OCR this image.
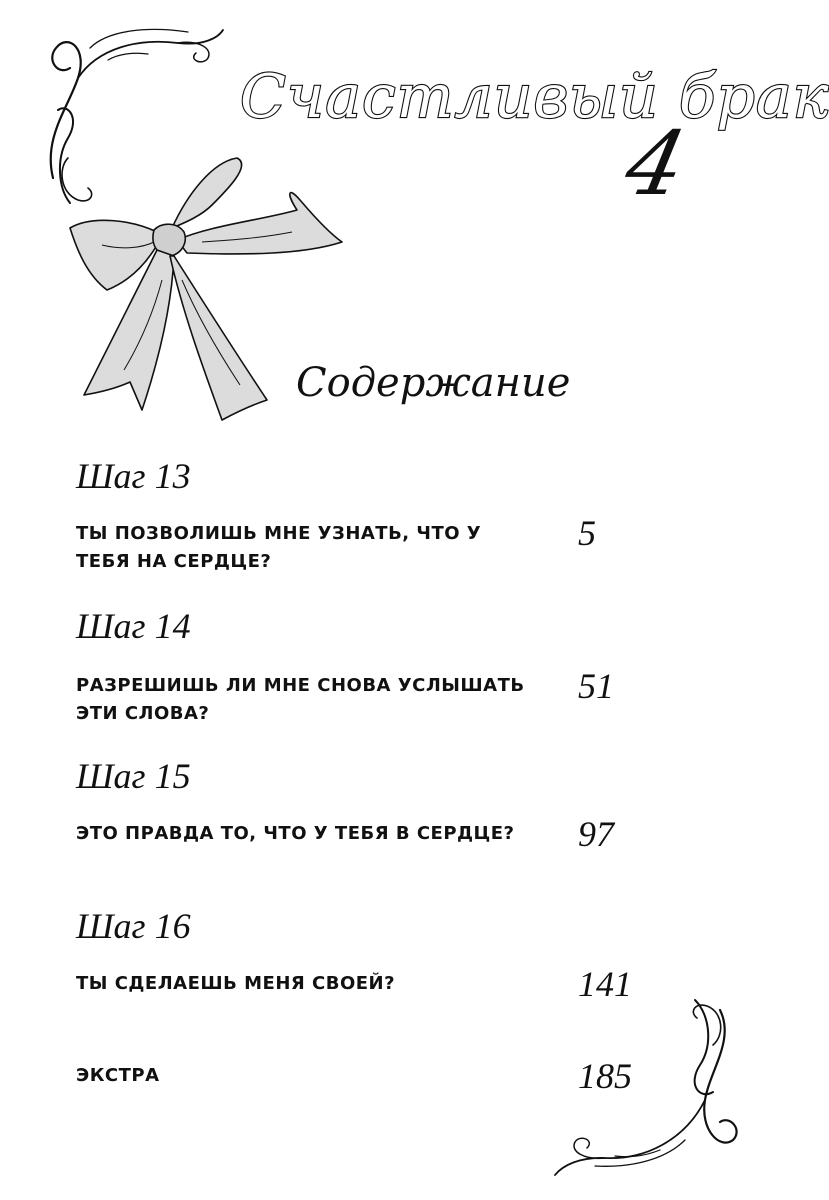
Счастливый брак
4
Содержание
Шаг 13
ТЫ ПОЗВОЛИШЬ МНЕ УЗНАТЬ, ЧТО У ТЕБЯ НА СЕРДЦЕ?
5
Шаг 14
РАЗРЕШИШЬ ЛИ МНЕ СНОВА УСЛЫШАТЬ ЭТИ СЛОВА?
51
Шаг 15
ЭТО ПРАВДА ТО, ЧТО У ТЕБЯ В СЕРДЦЕ?	97
Шаг 16
ТЫ СДЕЛАЕШЬ МЕНЯ СВОЕЙ?	141
ЭКСТРА	185
